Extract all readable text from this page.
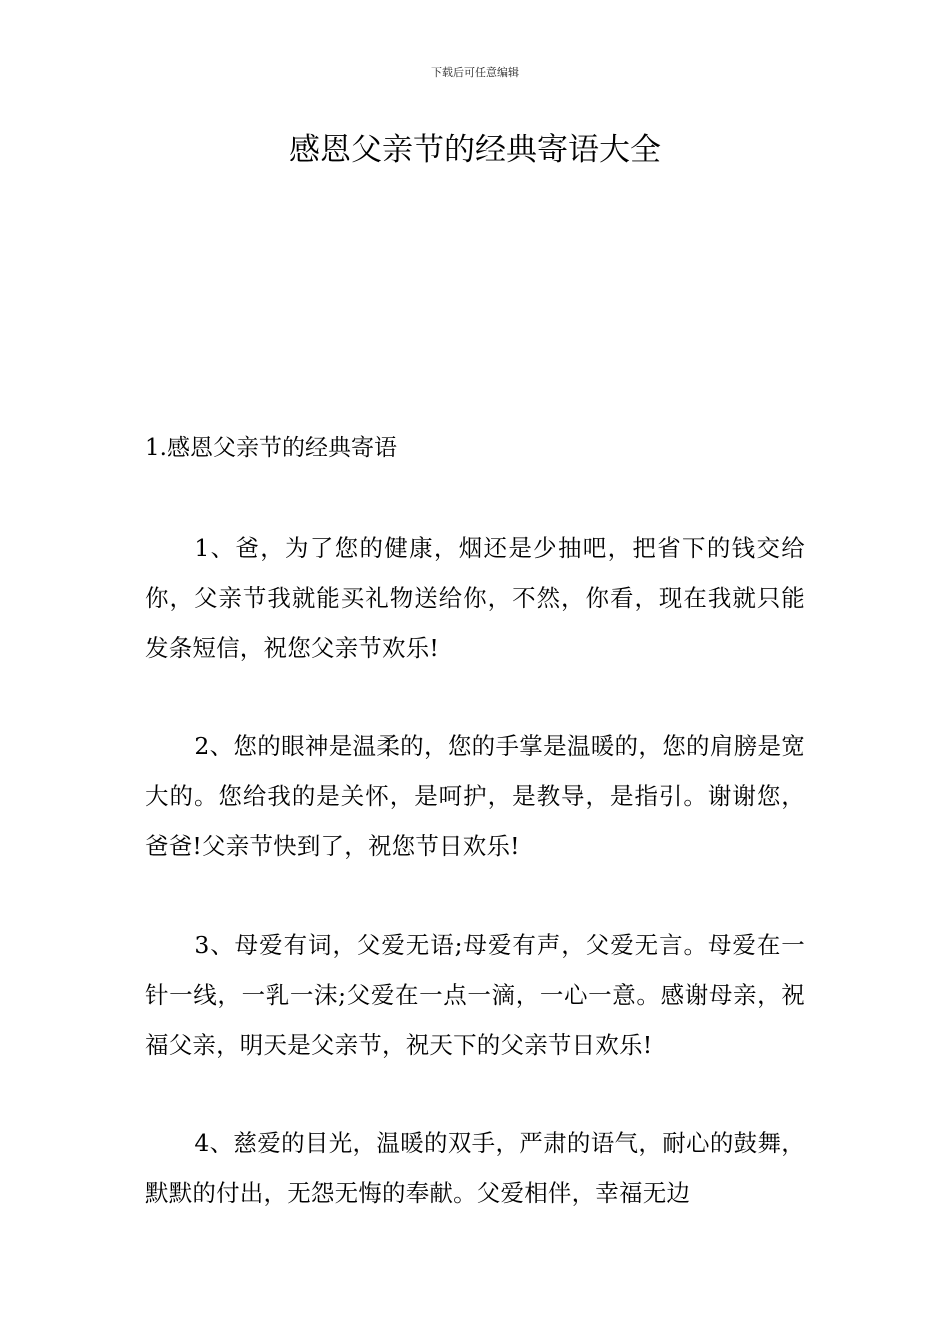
下载后可任意编辑
感恩父亲节的经典寄语大全
1.感恩父亲节的经典寄语

1、爸，为了您的健康，烟还是少抽吧，把省下的钱交给你，父亲节我就能买礼物送给你，不然，你看，现在我就只能发条短信，祝您父亲节欢乐!

2、您的眼神是温柔的，您的手掌是温暖的，您的肩膀是宽大的。您给我的是关怀，是呵护，是教导，是指引。谢谢您，爸爸!父亲节快到了，祝您节日欢乐!

3、母爱有词，父爱无语;母爱有声，父爱无言。母爱在一针一线，一乳一沫;父爱在一点一滴，一心一意。感谢母亲，祝福父亲，明天是父亲节，祝天下的父亲节日欢乐!

4、慈爱的目光，温暖的双手，严肃的语气，耐心的鼓舞，默默的付出，无怨无悔的奉献。父爱相伴，幸福无边
